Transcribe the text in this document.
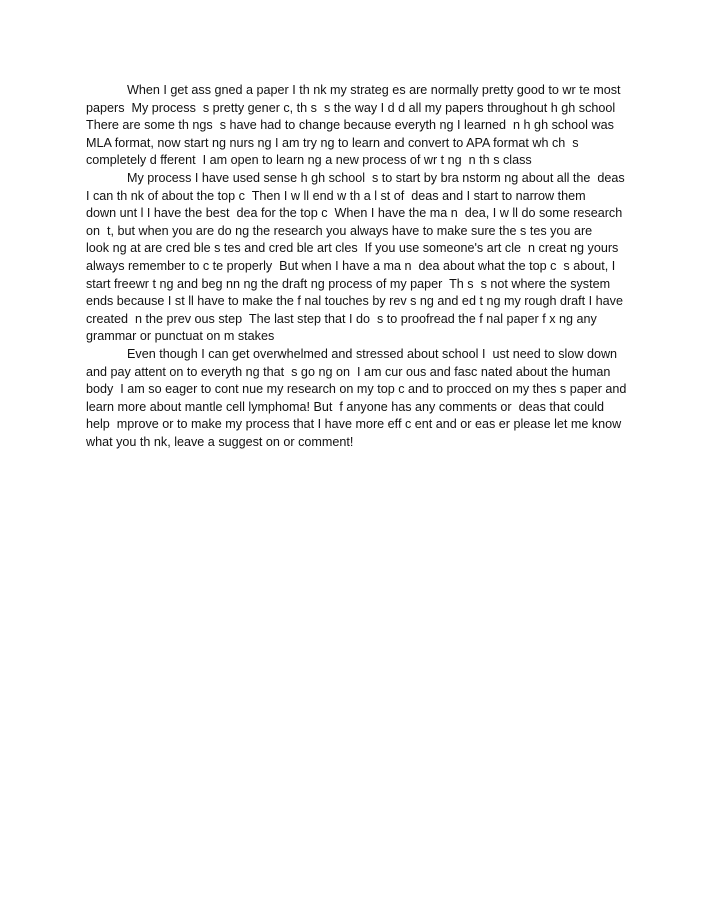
When I get ass gned a paper I th nk my strateg es are normally pretty good to wr te most
papers  My process  s pretty gener c, th s  s the way I d d all my papers throughout h gh school
There are some th ngs  s have had to change because everyth ng I learned  n h gh school was
MLA format, now start ng nurs ng I am try ng to learn and convert to APA format wh ch  s
completely d fferent  I am open to learn ng a new process of wr t ng  n th s class
My process I have used sense h gh school  s to start by bra nstorm ng about all the  deas
I can th nk of about the top c  Then I w ll end w th a l st of  deas and I start to narrow them
down unt l I have the best  dea for the top c  When I have the ma n  dea, I w ll do some research
on  t, but when you are do ng the research you always have to make sure the s tes you are
look ng at are cred ble s tes and cred ble art cles  If you use someone's art cle  n creat ng yours
always remember to c te properly  But when I have a ma n  dea about what the top c  s about, I
start freewr t ng and beg nn ng the draft ng process of my paper  Th s  s not where the system
ends because I st ll have to make the f nal touches by rev s ng and ed t ng my rough draft I have
created  n the prev ous step  The last step that I do  s to proofread the f nal paper f x ng any
grammar or punctuat on m stakes
Even though I can get overwhelmed and stressed about school I  ust need to slow down
and pay attent on to everyth ng that  s go ng on  I am cur ous and fasc nated about the human
body  I am so eager to cont nue my research on my top c and to procced on my thes s paper and
learn more about mantle cell lymphoma! But  f anyone has any comments or  deas that could
help  mprove or to make my process that I have more eff c ent and or eas er please let me know
what you th nk, leave a suggest on or comment!
